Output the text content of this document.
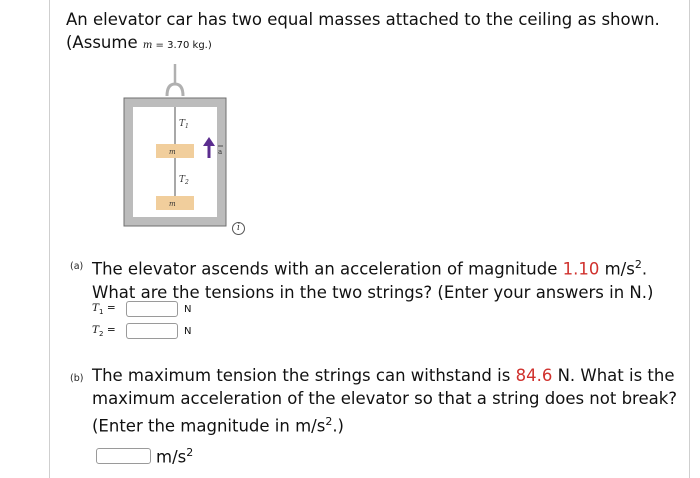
An elevator car has two equal masses attached to the ceiling as shown.
(Assume m = 3.70 kg.)
m
m
$T_1$
$T_2$
a
i
(a) The elevator ascends with an acceleration of magnitude 1.10 $m/s^2$. What are the tensions in the two strings? (Enter your answers in N.)
$T_1$ =	N
$T_2$ =	N
(b) The maximum tension the strings can withstand is 84.6 N. What is the maximum acceleration of the elevator so that a string does not break? (Enter the magnitude in $m/s^2$.)
$m/s^2$
